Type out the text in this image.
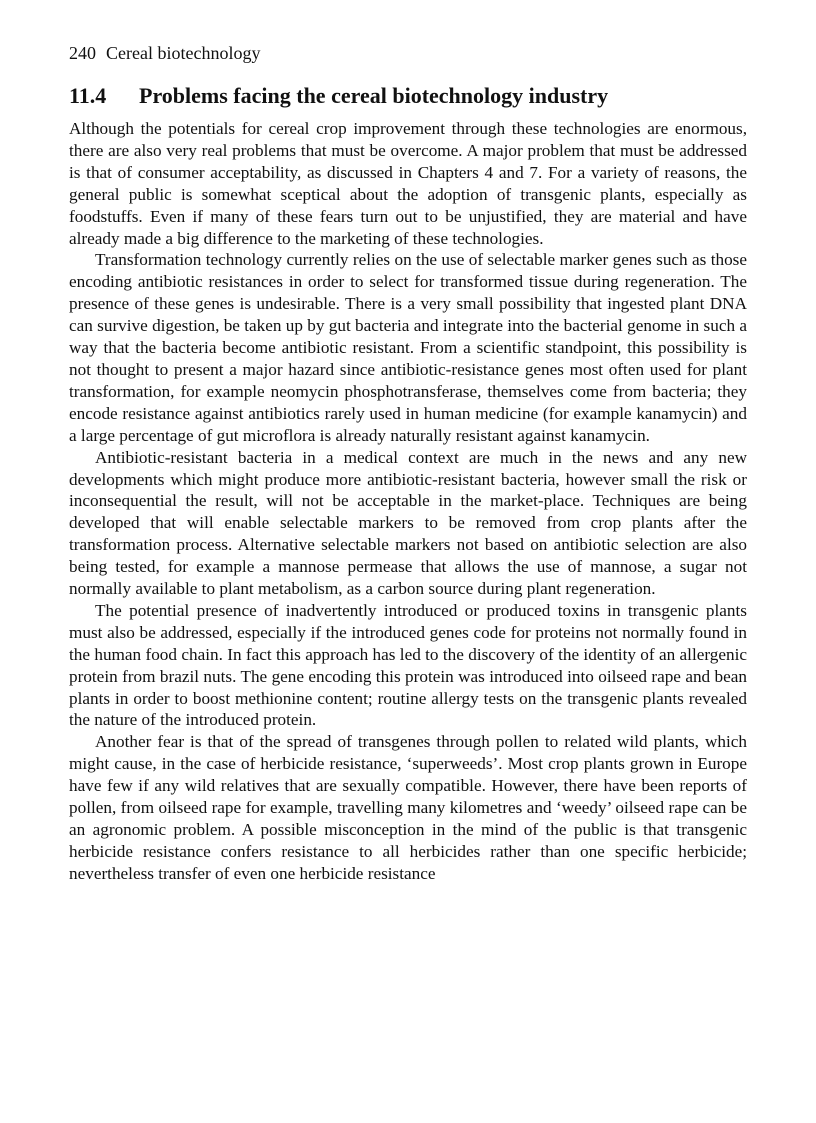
240 Cereal biotechnology
11.4 Problems facing the cereal biotechnology industry

Although the potentials for cereal crop improvement through these technologies are enormous, there are also very real problems that must be overcome. A major problem that must be addressed is that of consumer acceptability, as discussed in Chapters 4 and 7. For a variety of reasons, the general public is somewhat sceptical about the adoption of transgenic plants, especially as foodstuffs. Even if many of these fears turn out to be unjustified, they are material and have already made a big difference to the marketing of these technologies.

Transformation technology currently relies on the use of selectable marker genes such as those encoding antibiotic resistances in order to select for transformed tissue during regeneration. The presence of these genes is undesirable. There is a very small possibility that ingested plant DNA can survive digestion, be taken up by gut bacteria and integrate into the bacterial genome in such a way that the bacteria become antibiotic resistant. From a scientific standpoint, this possibility is not thought to present a major hazard since antibiotic-resistance genes most often used for plant transformation, for example neomycin phosphotransferase, themselves come from bacteria; they encode resistance against antibiotics rarely used in human medicine (for example kanamycin) and a large percentage of gut microflora is already naturally resistant against kanamycin.

Antibiotic-resistant bacteria in a medical context are much in the news and any new developments which might produce more antibiotic-resistant bacteria, however small the risk or inconsequential the result, will not be acceptable in the market-place. Techniques are being developed that will enable selectable markers to be removed from crop plants after the transformation process. Alternative selectable markers not based on antibiotic selection are also being tested, for example a mannose permease that allows the use of mannose, a sugar not normally available to plant metabolism, as a carbon source during plant regeneration.

The potential presence of inadvertently introduced or produced toxins in transgenic plants must also be addressed, especially if the introduced genes code for proteins not normally found in the human food chain. In fact this approach has led to the discovery of the identity of an allergenic protein from brazil nuts. The gene encoding this protein was introduced into oilseed rape and bean plants in order to boost methionine content; routine allergy tests on the transgenic plants revealed the nature of the introduced protein.

Another fear is that of the spread of transgenes through pollen to related wild plants, which might cause, in the case of herbicide resistance, ‘superweeds’. Most crop plants grown in Europe have few if any wild relatives that are sexually compatible. However, there have been reports of pollen, from oilseed rape for example, travelling many kilometres and ‘weedy’ oilseed rape can be an agronomic problem. A possible misconception in the mind of the public is that transgenic herbicide resistance confers resistance to all herbicides rather than one specific herbicide; nevertheless transfer of even one herbicide resistance
